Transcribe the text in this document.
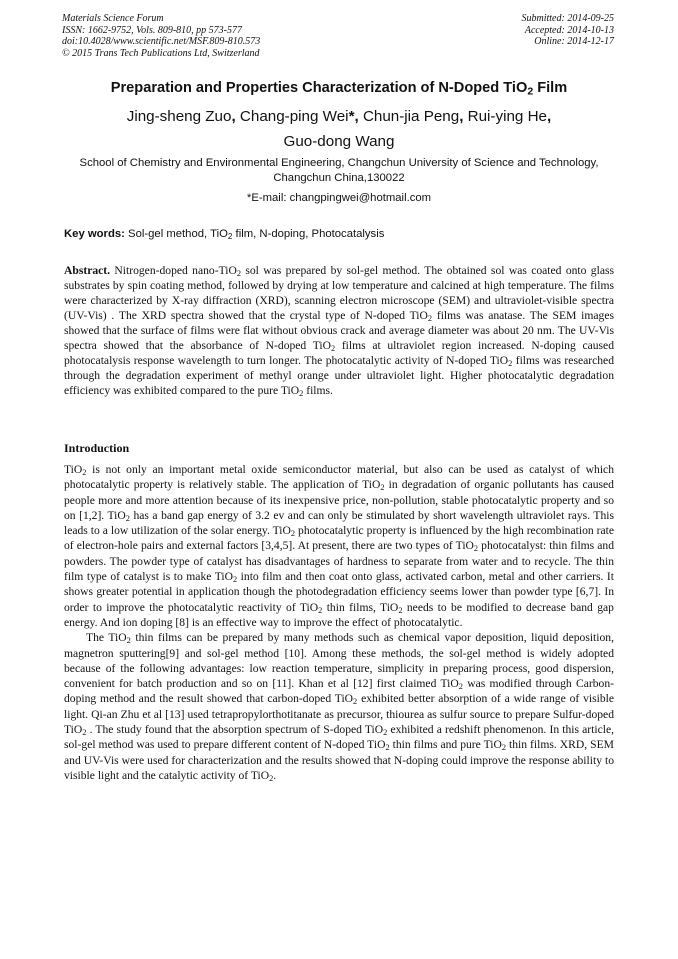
Materials Science Forum
ISSN: 1662-9752, Vols. 809-810, pp 573-577
doi:10.4028/www.scientific.net/MSF.809-810.573
© 2015 Trans Tech Publications Ltd, Switzerland
Submitted: 2014-09-25
Accepted: 2014-10-13
Online: 2014-12-17
Preparation and Properties Characterization of N-Doped TiO$_2$ Film
Jing-sheng Zuo, Chang-ping Wei*, Chun-jia Peng, Rui-ying He,
Guo-dong Wang
School of Chemistry and Environmental Engineering, Changchun University of Science and Technology, Changchun China,130022
*E-mail: changpingwei@hotmail.com
Key words: Sol-gel method, TiO$_2$ film, N-doping, Photocatalysis
Abstract. Nitrogen-doped nano-TiO$_2$ sol was prepared by sol-gel method. The obtained sol was coated onto glass substrates by spin coating method, followed by drying at low temperature and calcined at high temperature. The films were characterized by X-ray diffraction (XRD), scanning electron microscope (SEM) and ultraviolet-visible spectra (UV-Vis) . The XRD spectra showed that the crystal type of N-doped TiO$_2$ films was anatase. The SEM images showed that the surface of films were flat without obvious crack and average diameter was about 20 nm. The UV-Vis spectra showed that the absorbance of N-doped TiO$_2$ films at ultraviolet region increased. N-doping caused photocatalysis response wavelength to turn longer. The photocatalytic activity of N-doped TiO$_2$ films was researched through the degradation experiment of methyl orange under ultraviolet light. Higher photocatalytic degradation efficiency was exhibited compared to the pure TiO$_2$ films.
Introduction

TiO$_2$ is not only an important metal oxide semiconductor material, but also can be used as catalyst of which photocatalytic property is relatively stable. The application of TiO$_2$ in degradation of organic pollutants has caused people more and more attention because of its inexpensive price, non-pollution, stable photocatalytic property and so on [1,2]. TiO$_2$ has a band gap energy of 3.2 ev and can only be stimulated by short wavelength ultraviolet rays. This leads to a low utilization of the solar energy. TiO$_2$ photocatalytic property is influenced by the high recombination rate of electron-hole pairs and external factors [3,4,5]. At present, there are two types of TiO$_2$ photocatalyst: thin films and powders. The powder type of catalyst has disadvantages of hardness to separate from water and to recycle. The thin film type of catalyst is to make TiO$_2$ into film and then coat onto glass, activated carbon, metal and other carriers. It shows greater potential in application though the photodegradation efficiency seems lower than powder type [6,7]. In order to improve the photocatalytic reactivity of TiO$_2$ thin films, TiO$_2$ needs to be modified to decrease band gap energy. And ion doping [8] is an effective way to improve the effect of photocatalytic.

The TiO$_2$ thin films can be prepared by many methods such as chemical vapor deposition, liquid deposition, magnetron sputtering[9] and sol-gel method [10]. Among these methods, the sol-gel method is widely adopted because of the following advantages: low reaction temperature, simplicity in preparing process, good dispersion, convenient for batch production and so on [11]. Khan et al [12] first claimed TiO$_2$ was modified through Carbon-doping method and the result showed that carbon-doped TiO$_2$ exhibited better absorption of a wide range of visible light. Qi-an Zhu et al [13] used tetrapropylorthotitanate as precursor, thiourea as sulfur source to prepare Sulfur-doped TiO$_2$ . The study found that the absorption spectrum of S-doped TiO$_2$ exhibited a redshift phenomenon. In this article, sol-gel method was used to prepare different content of N-doped TiO$_2$ thin films and pure TiO$_2$ thin films. XRD, SEM and UV-Vis were used for characterization and the results showed that N-doping could improve the response ability to visible light and the catalytic activity of TiO$_2$.
